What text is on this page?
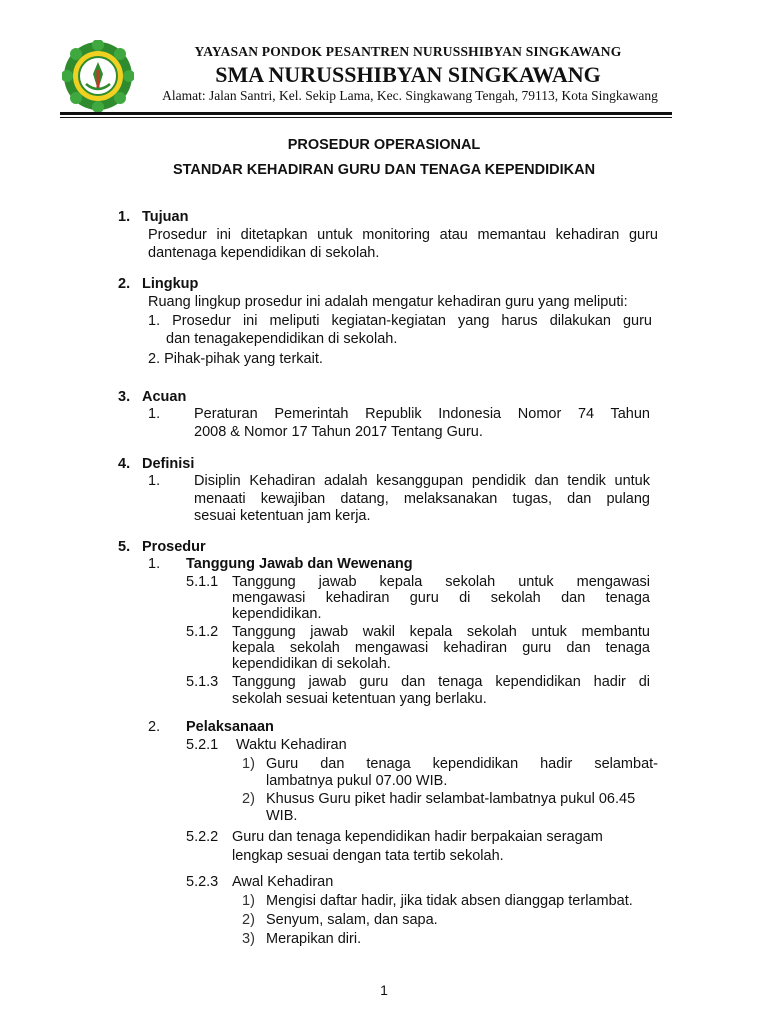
YAYASAN PONDOK PESANTREN NURUSSHIBYAN SINGKAWANG
SMA NURUSSHIBYAN SINGKAWANG
Alamat: Jalan Santri, Kel. Sekip Lama, Kec. Singkawang Tengah, 79113, Kota Singkawang
PROSEDUR OPERASIONAL
STANDAR KEHADIRAN GURU DAN TENAGA KEPENDIDIKAN
1. Tujuan
Prosedur ini ditetapkan untuk monitoring atau memantau kehadiran guru
dantenaga kependidikan di sekolah.
2. Lingkup
Ruang lingkup prosedur ini adalah mengatur kehadiran guru yang meliputi:
1. Prosedur ini meliputi kegiatan-kegiatan yang harus dilakukan guru
dan tenagakependidikan di sekolah.
2. Pihak-pihak yang terkait.
3. Acuan
1. Peraturan Pemerintah Republik Indonesia Nomor 74 Tahun
2008 & Nomor 17 Tahun 2017 Tentang Guru.
4. Definisi
1. Disiplin Kehadiran adalah kesanggupan pendidik dan tendik untuk
menaati kewajiban datang, melaksanakan tugas, dan pulang
sesuai ketentuan jam kerja.
5. Prosedur
1. Tanggung Jawab dan Wewenang
5.1.1 Tanggung jawab kepala sekolah untuk mengawasi
mengawasi kehadiran guru di sekolah dan tenaga
kependidikan.
5.1.2 Tanggung jawab wakil kepala sekolah untuk membantu
kepala sekolah mengawasi kehadiran guru dan tenaga
kependidikan di sekolah.
5.1.3 Tanggung jawab guru dan tenaga kependidikan hadir di
sekolah sesuai ketentuan yang berlaku.
2. Pelaksanaan
5.2.1 Waktu Kehadiran
1) Guru dan tenaga kependidikan hadir selambat-
lambatnya pukul 07.00 WIB.
2) Khusus Guru piket hadir selambat-lambatnya pukul 06.45
WIB.
5.2.2 Guru dan tenaga kependidikan hadir berpakaian seragam
lengkap sesuai dengan tata tertib sekolah.
5.2.3 Awal Kehadiran
1) Mengisi daftar hadir, jika tidak absen dianggap terlambat.
2) Senyum, salam, dan sapa.
3) Merapikan diri.
1
